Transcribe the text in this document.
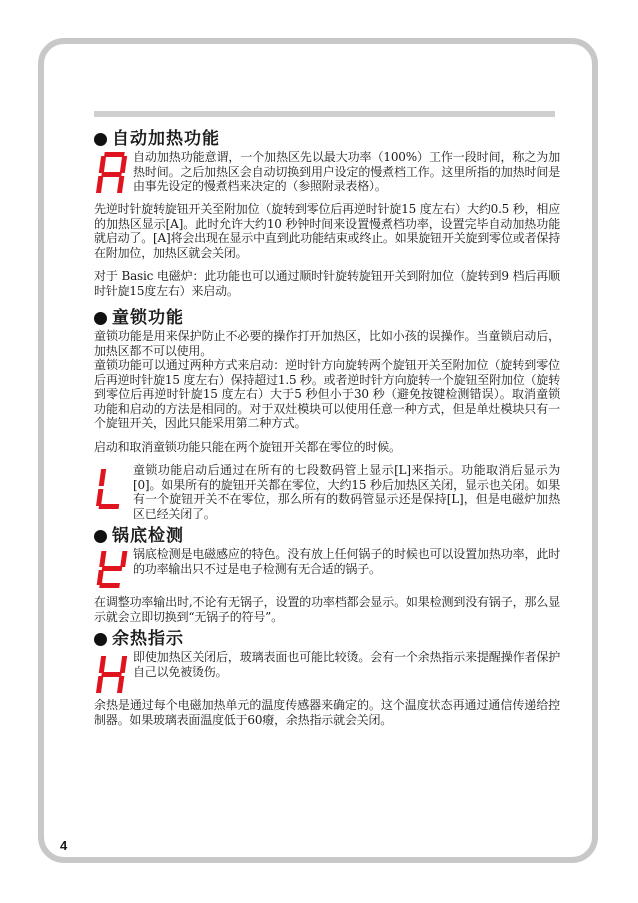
自动加热功能

自动加热功能意谓，一个加热区先以最大功率（100%）工作一段时间，称之为加热时间。之后加热区会自动切换到用户设定的慢煮档工作。这里所指的加热时间是由事先设定的慢煮档来决定的（参照附录表格）。

先逆时针旋转旋钮开关至附加位（旋转到零位后再逆时针旋15 度左右）大约0.5 秒，相应的加热区显示[A]。此时允许大约10 秒钟时间来设置慢煮档功率，设置完毕自动加热功能就启动了。[A]将会出现在显示中直到此功能结束或终止。如果旋钮开关旋到零位或者保持在附加位，加热区就会关闭。

对于 Basic 电磁炉：此功能也可以通过顺时针旋转旋钮开关到附加位（旋转到9 档后再顺时针旋15度左右）来启动。

童锁功能

童锁功能是用来保护防止不必要的操作打开加热区，比如小孩的误操作。当童锁启动后，加热区都不可以使用。

童锁功能可以通过两种方式来启动：逆时针方向旋转两个旋钮开关至附加位（旋转到零位后再逆时针旋15 度左右）保持超过1.5 秒。或者逆时针方向旋转一个旋钮至附加位（旋转到零位后再逆时针旋15 度左右）大于5 秒但小于30 秒（避免按键检测错误）。取消童锁功能和启动的方法是相同的。对于双灶模块可以使用任意一种方式，但是单灶模块只有一个旋钮开关，因此只能采用第二种方式。

启动和取消童锁功能只能在两个旋钮开关都在零位的时候。

童锁功能启动后通过在所有的七段数码管上显示[L]来指示。功能取消后显示为[0]。如果所有的旋钮开关都在零位，大约15 秒后加热区关闭，显示也关闭。如果有一个旋钮开关不在零位，那么所有的数码管显示还是保持[L]，但是电磁炉加热区已经关闭了。

锅底检测

锅底检测是电磁感应的特色。没有放上任何锅子的时候也可以设置加热功率，此时的功率输出只不过是电子检测有无合适的锅子。

在调整功率输出时,不论有无锅子，设置的功率档都会显示。如果检测到没有锅子，那么显示就会立即切换到“无锅子的符号”。

余热指示

即使加热区关闭后，玻璃表面也可能比较烫。会有一个余热指示来提醒操作者保护自己以免被烫伤。

余热是通过每个电磁加热单元的温度传感器来确定的。这个温度状态再通过通信传递给控制器。如果玻璃表面温度低于60癈，余热指示就会关闭。

4
